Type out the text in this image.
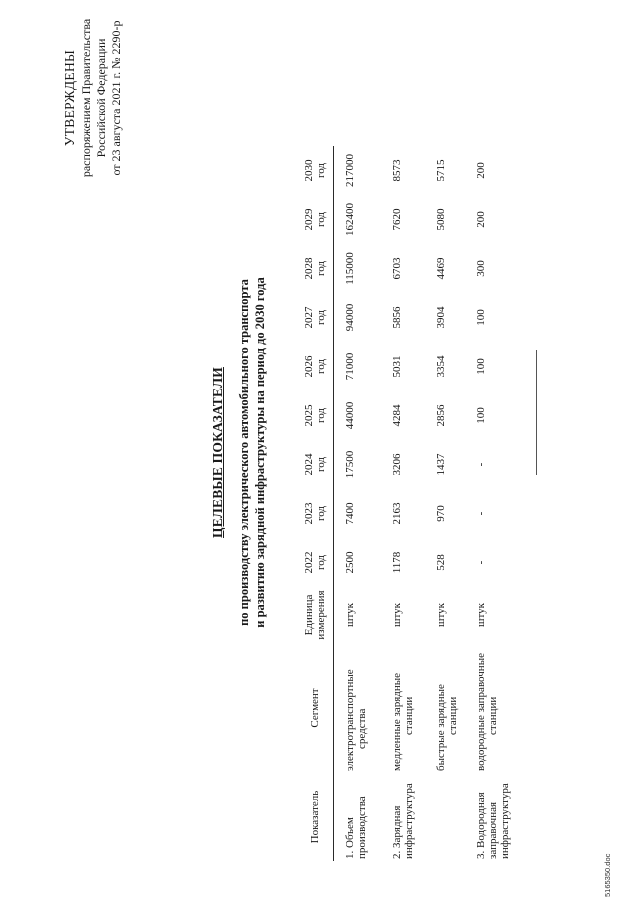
УТВЕРЖДЕНЫ распоряжением Правительства Российской Федерации от 23 августа 2021 г. № 2290-р
ЦЕЛЕВЫЕ ПОКАЗАТЕЛИ по производству электрического автомобильного транспорта и развитию зарядной инфраструктуры на период до 2030 года
Показатель	Сегмент	Единица измерения	2022 год	2023 год	2024 год	2025 год	2026 год	2027 год	2028 год	2029 год	2030 год

1. Объем производства	электротранспортные средства	штук	2500	7400	17500	44000	71000	94000	115000	162400	217000

2. Зарядная инфраструктура	медленные зарядные станции	штук	1178	2163	3206	4284	5031	5856	6703	7620	8573

	быстрые зарядные станции	штук	528	970	1437	2856	3354	3904	4469	5080	5715

3. Водородная заправочная инфраструктура	водородные заправочные станции	штук	-	-	-	100	100	100	300	200	200
5165350.doc
